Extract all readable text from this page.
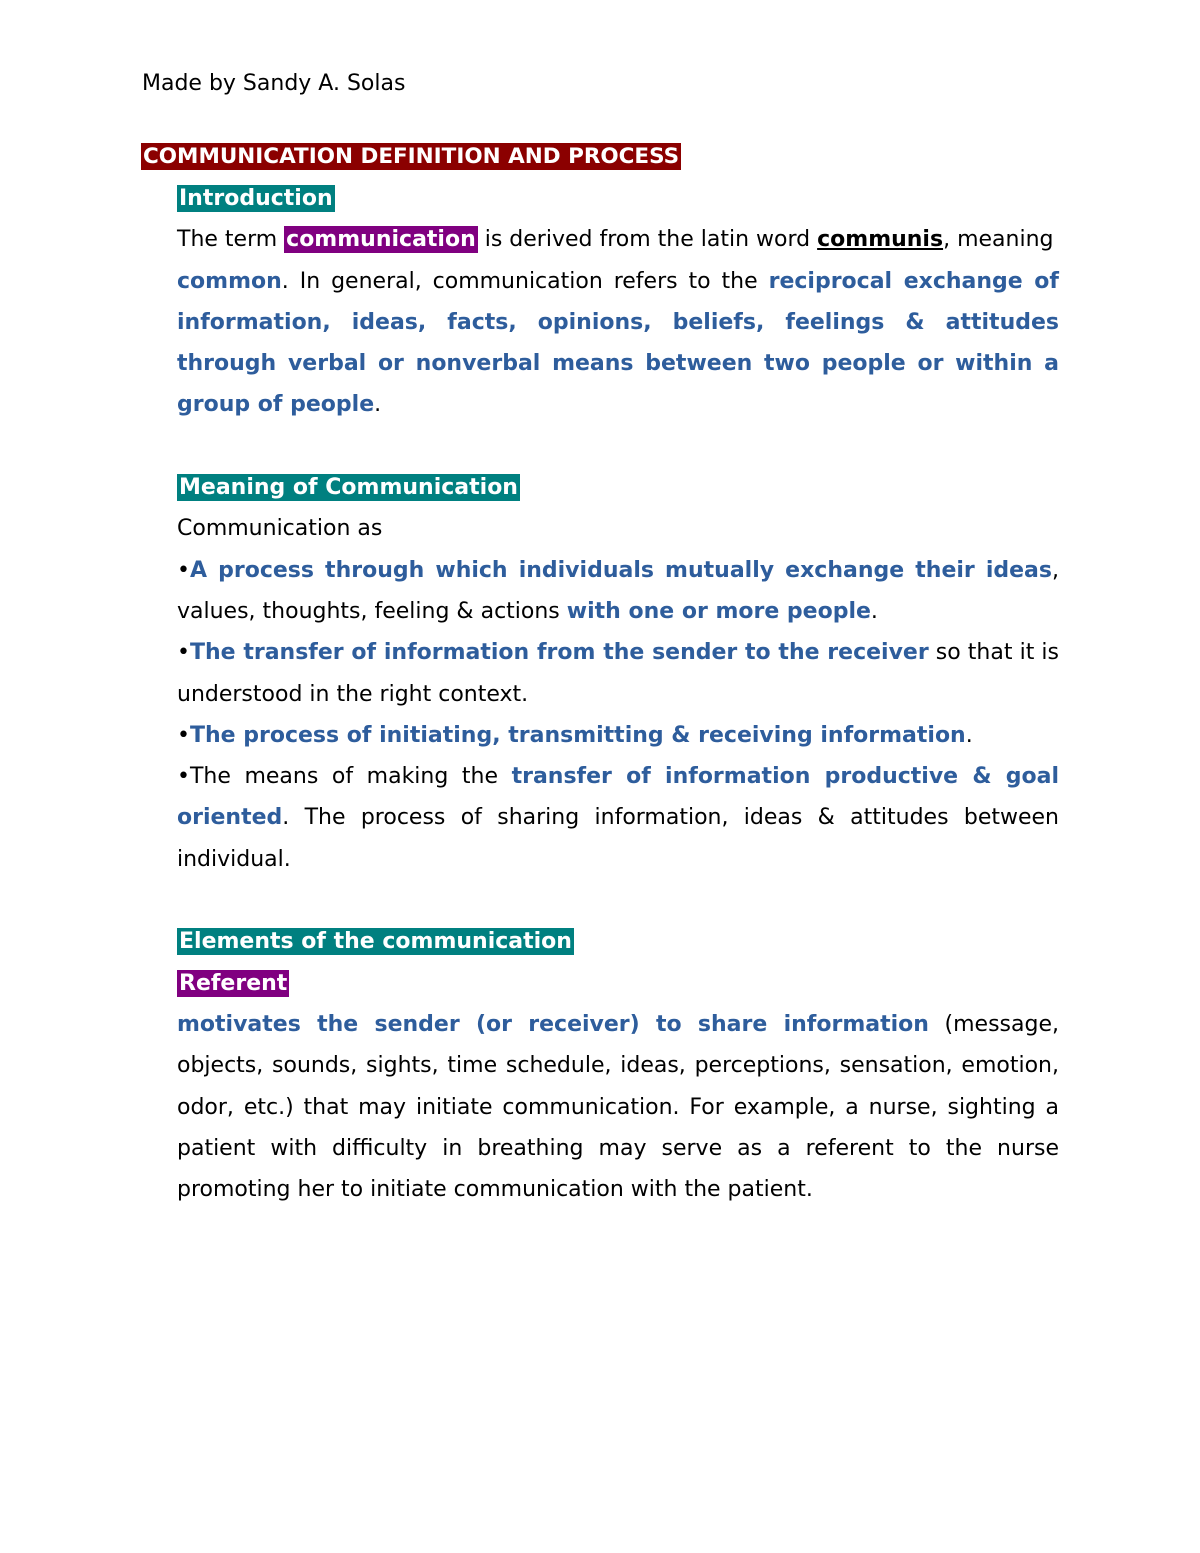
Made by Sandy A. Solas
COMMUNICATION DEFINITION AND PROCESS

Introduction

The term communication is derived from the latin word communis, meaning

common. In general, communication refers to the reciprocal exchange of information, ideas, facts, opinions, beliefs, feelings & attitudes through verbal or nonverbal means between two people or within a group of people.

Meaning of Communication

Communication as

•A process through which individuals mutually exchange their ideas, values, thoughts, feeling & actions with one or more people.

•The transfer of information from the sender to the receiver so that it is understood in the right context.

•The process of initiating, transmitting & receiving information.

•The means of making the transfer of information productive & goal oriented. The process of sharing information, ideas & attitudes between individual.

Elements of the communication

Referent

motivates the sender (or receiver) to share information (message, objects, sounds, sights, time schedule, ideas, perceptions, sensation, emotion, odor, etc.) that may initiate communication. For example, a nurse, sighting a patient with difficulty in breathing may serve as a referent to the nurse promoting her to initiate communication with the patient.
